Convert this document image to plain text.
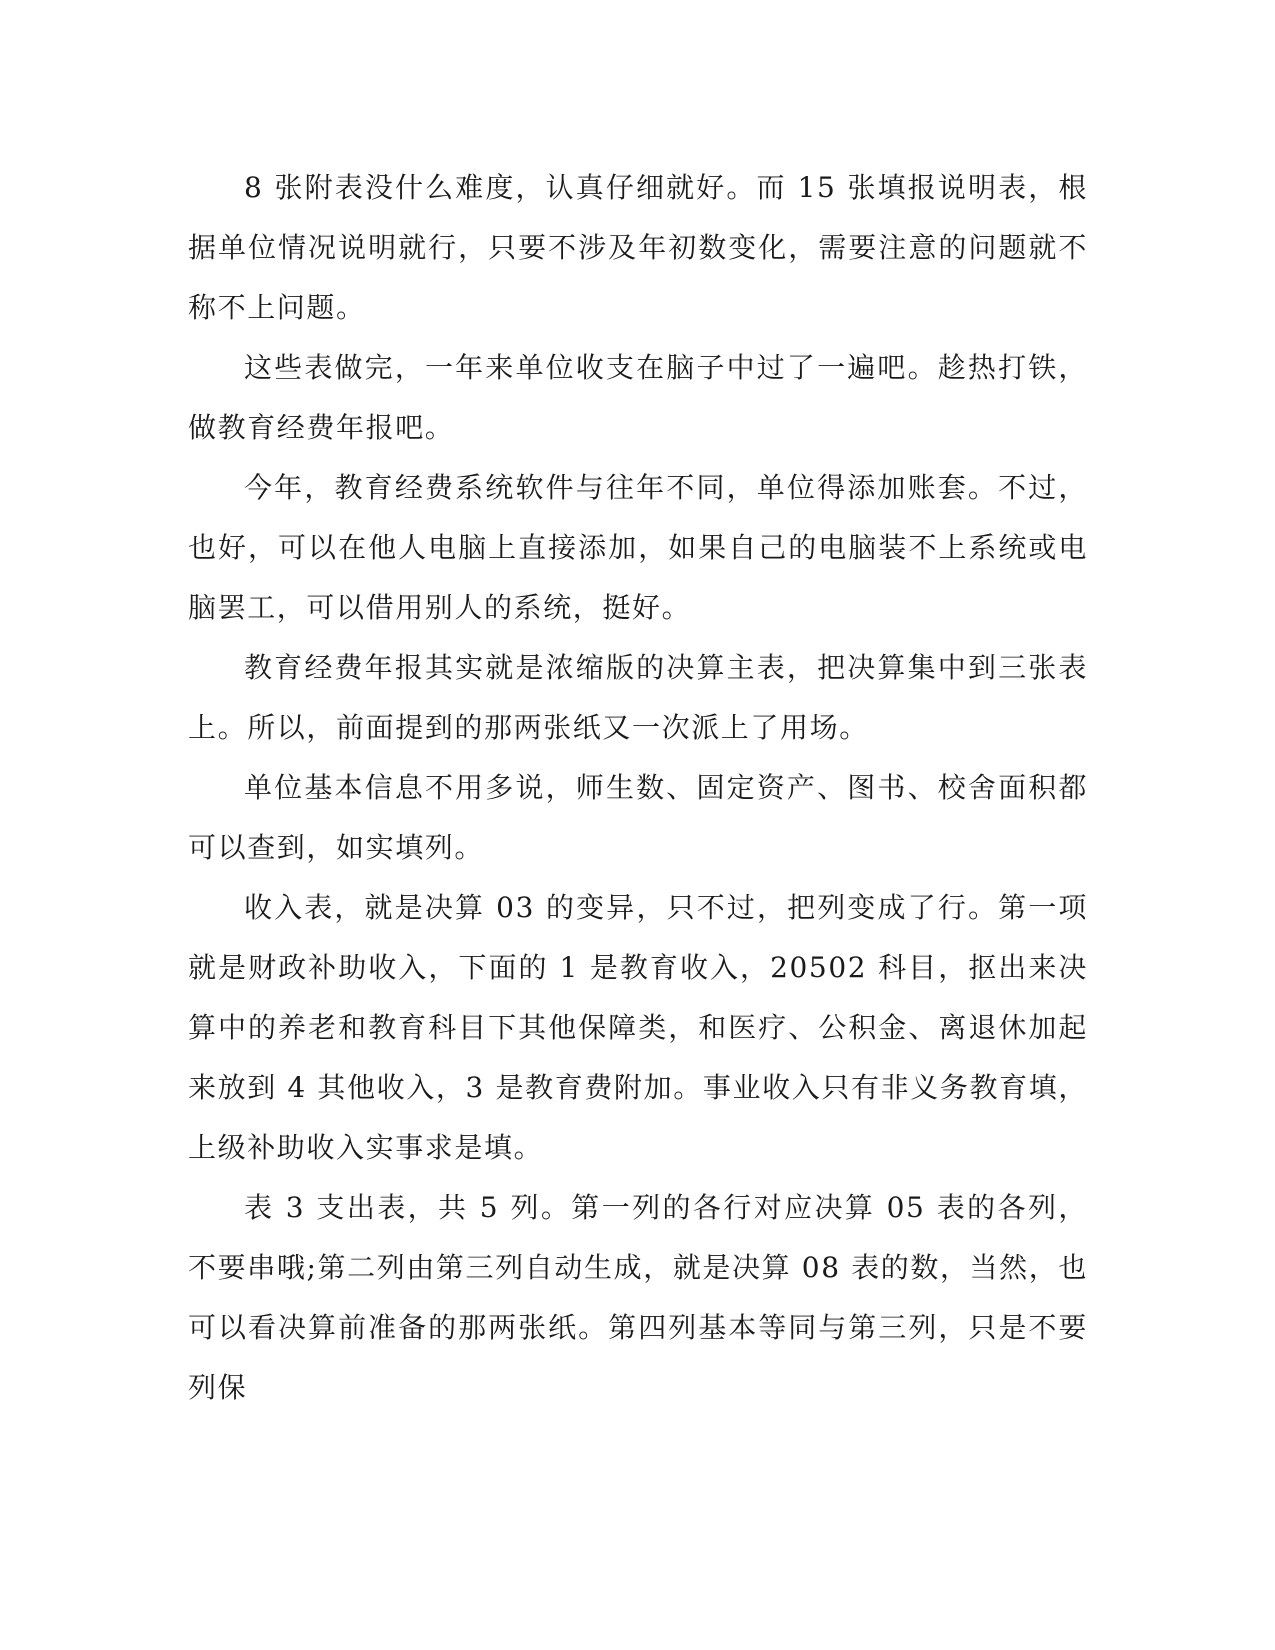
8 张附表没什么难度，认真仔细就好。而 15 张填报说明表，根据单位情况说明就行，只要不涉及年初数变化，需要注意的问题就不称不上问题。

这些表做完，一年来单位收支在脑子中过了一遍吧。趁热打铁，做教育经费年报吧。

今年，教育经费系统软件与往年不同，单位得添加账套。不过，也好，可以在他人电脑上直接添加，如果自己的电脑装不上系统或电脑罢工，可以借用别人的系统，挺好。

教育经费年报其实就是浓缩版的决算主表，把决算集中到三张表上。所以，前面提到的那两张纸又一次派上了用场。

单位基本信息不用多说，师生数、固定资产、图书、校舍面积都可以查到，如实填列。

收入表，就是决算 03 的变异，只不过，把列变成了行。第一项就是财政补助收入，下面的 1 是教育收入，20502 科目，抠出来决算中的养老和教育科目下其他保障类，和医疗、公积金、离退休加起来放到 4 其他收入，3 是教育费附加。事业收入只有非义务教育填，上级补助收入实事求是填。

表 3 支出表，共 5 列。第一列的各行对应决算 05 表的各列，不要串哦;第二列由第三列自动生成，就是决算 08 表的数，当然，也可以看决算前准备的那两张纸。第四列基本等同与第三列，只是不要列保
